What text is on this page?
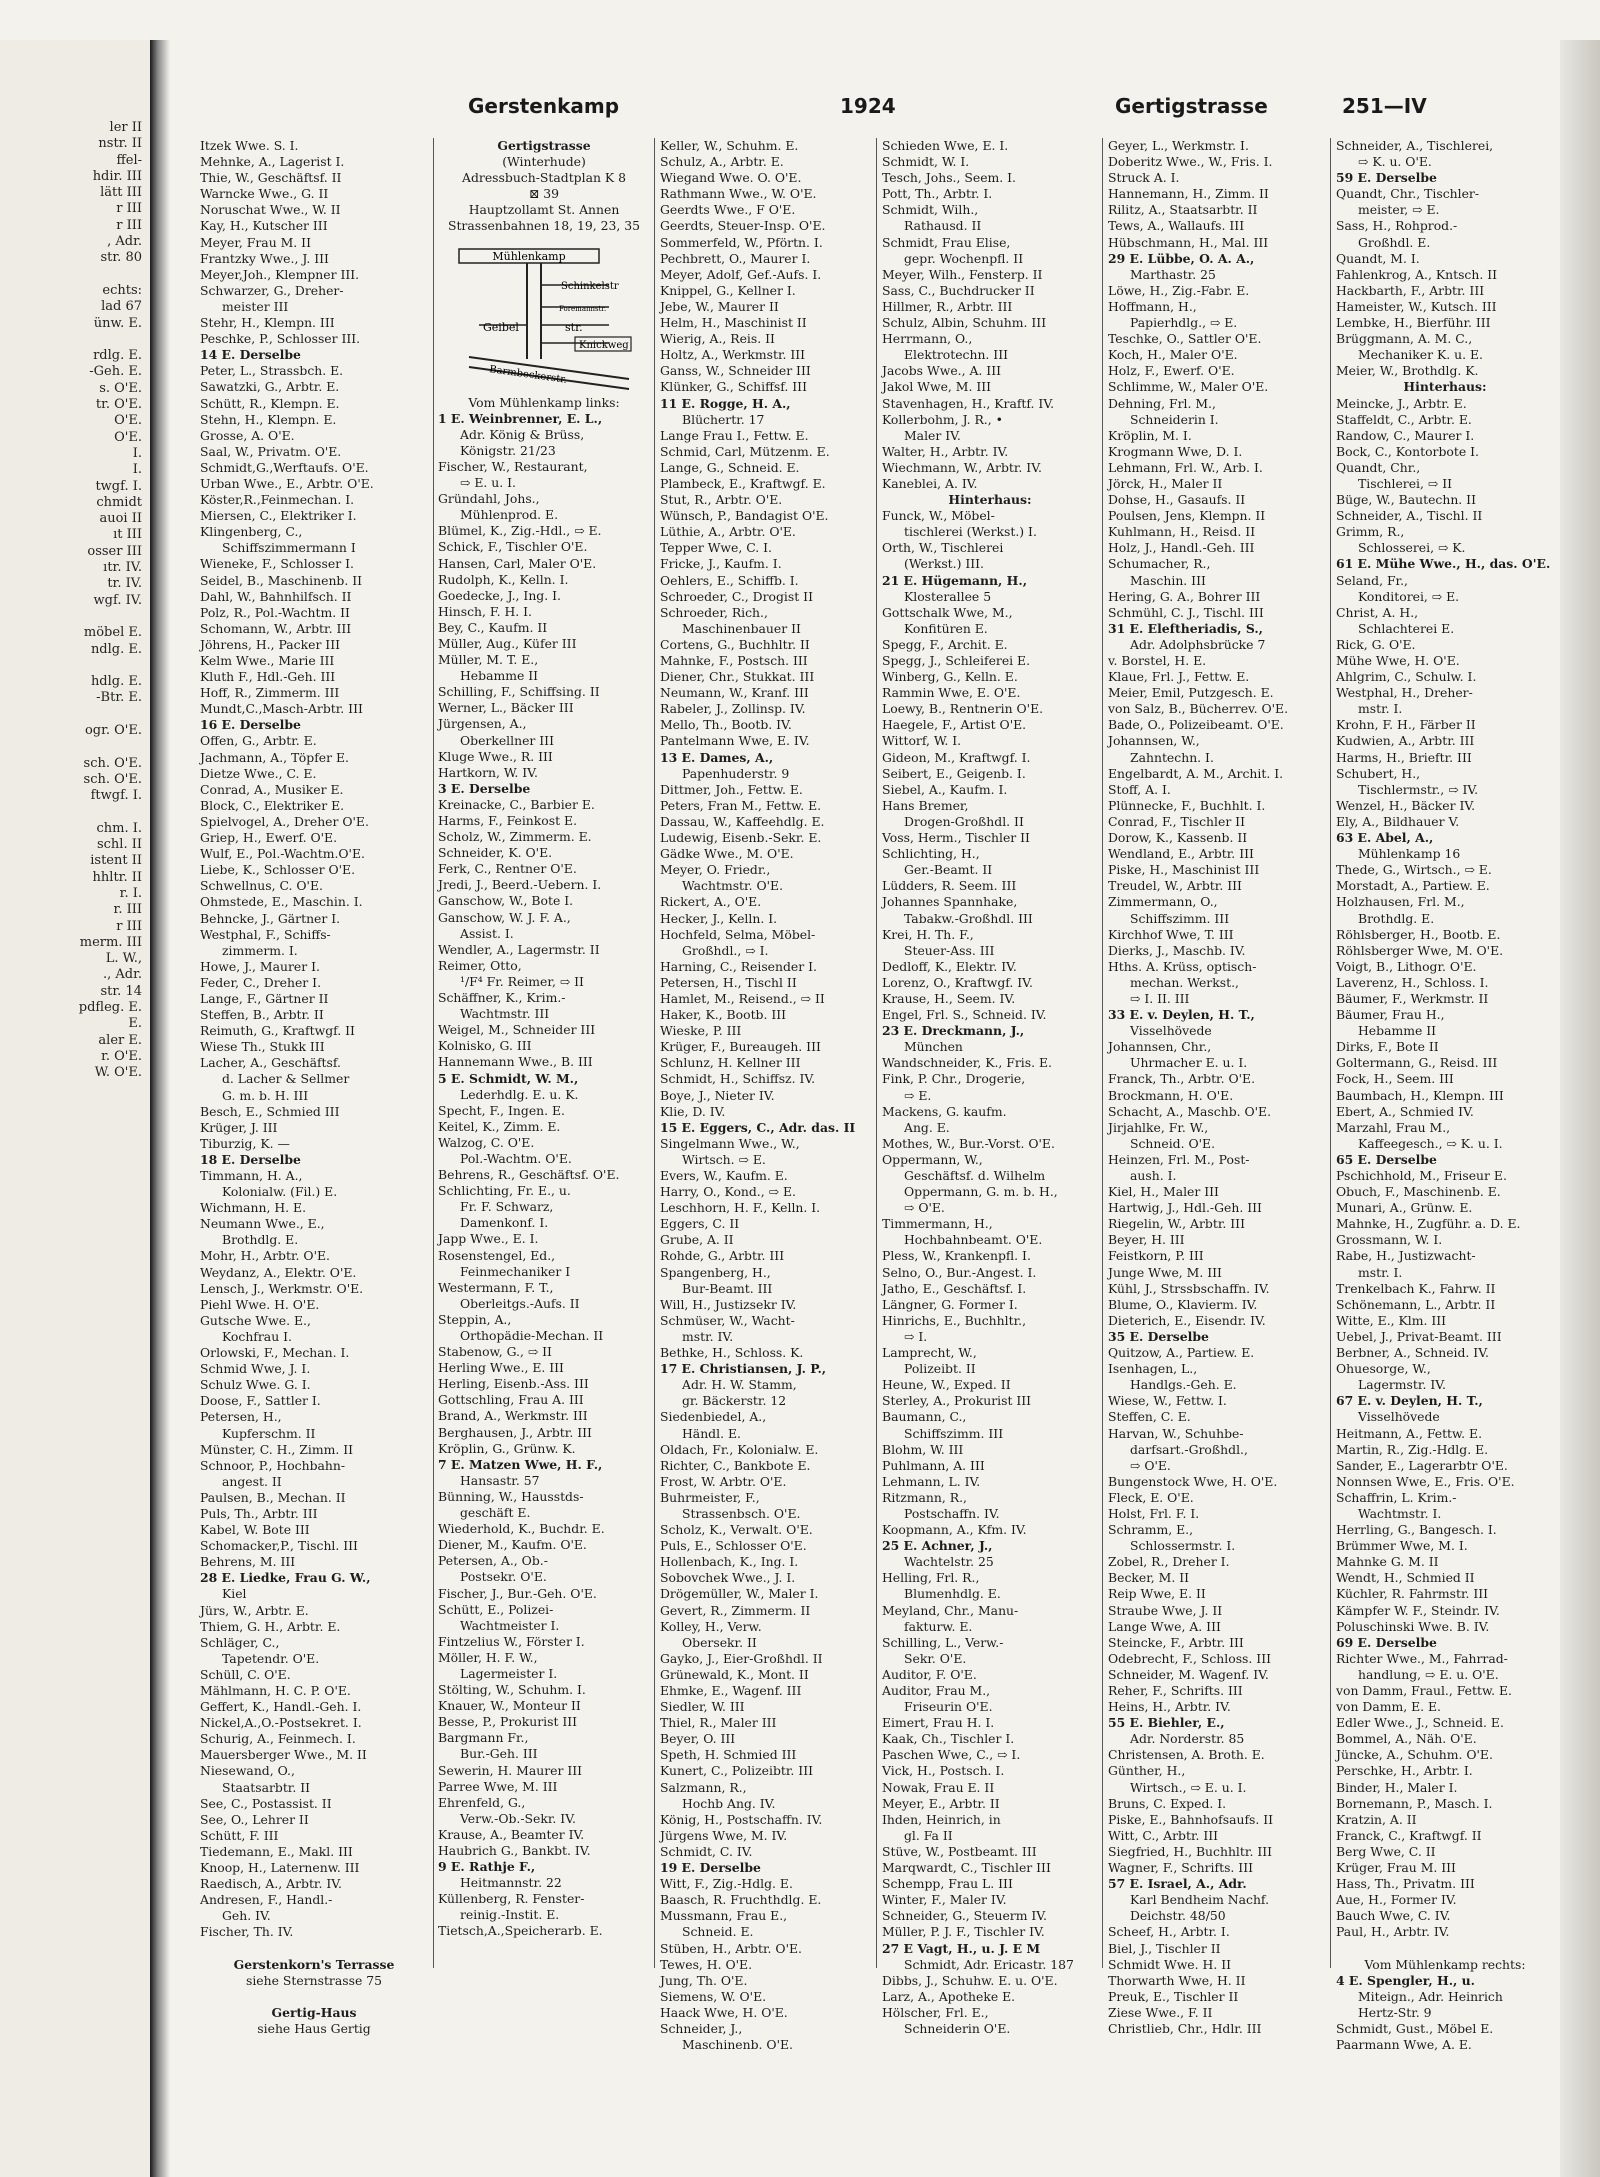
ler II
nstr. II
ffel-
hdir. III
lätt III
r III
r III
, Adr.
str. 80

echts:
lad 67
ünw. E.

rdlg. E.
-Geh. E.
s. O'E.
tr. O'E.
O'E.
O'E.
I.
I.
twgf. I.
chmidt
auoi II
ıt III
osser III
ıtr. IV.
tr. IV.
wgf. IV.

möbel E.
ndlg. E.

hdlg. E.
-Btr. E.

ogr. O'E.

sch. O'E.
sch. O'E.
ftwgf. I.

chm. I.
schl. II
istent II
hhltr. II
r. I.
r. III
r III
merm. III
L. W.,
., Adr.
str. 14
pdfleg. E.
E.
aler E.
r. O'E.
W. O'E.
Gerstenkamp	1924	Gertigstrasse	251—IV
Itzek Wwe. S. I.
Mehnke, A., Lagerist I.
Thie, W., Geschäftsf. II
Warncke Wwe., G. II
Noruschat Wwe., W. II
Kay, H., Kutscher III
Meyer, Frau M. II
Frantzky Wwe., J. III
Meyer,Joh., Klempner III.
Schwarzer, G., Dreher-
meister III
Stehr, H., Klempn. III
Peschke, P., Schlosser III.
14 E. Derselbe
Peter, L., Strassbch. E.
Sawatzki, G., Arbtr. E.
Schütt, R., Klempn. E.
Stehn, H., Klempn. E.
Grosse, A. O'E.
Saal, W., Privatm. O'E.
Schmidt,G.,Werftaufs. O'E.
Urban Wwe., E., Arbtr. O'E.
Köster,R.,Feinmechan. I.
Miersen, C., Elektriker I.
Klingenberg, C.,
Schiffszimmermann I
Wieneke, F., Schlosser I.
Seidel, B., Maschinenb. II
Dahl, W., Bahnhilfsch. II
Polz, R., Pol.-Wachtm. II
Schomann, W., Arbtr. III
Jöhrens, H., Packer III
Kelm Wwe., Marie III
Kluth F., Hdl.-Geh. III
Hoff, R., Zimmerm. III
Mundt,C.,Masch-Arbtr. III
16 E. Derselbe
Offen, G., Arbtr. E.
Jachmann, A., Töpfer E.
Dietze Wwe., C. E.
Conrad, A., Musiker E.
Block, C., Elektriker E.
Spielvogel, A., Dreher O'E.
Griep, H., Ewerf. O'E.
Wulf, E., Pol.-Wachtm.O'E.
Liebe, K., Schlosser O'E.
Schwellnus, C. O'E.
Ohmstede, E., Maschin. I.
Behncke, J., Gärtner I.
Westphal, F., Schiffs-
zimmerm. I.
Howe, J., Maurer I.
Feder, C., Dreher I.
Lange, F., Gärtner II
Steffen, B., Arbtr. II
Reimuth, G., Kraftwgf. II
Wiese Th., Stukk III
Lacher, A., Geschäftsf.
d. Lacher & Sellmer
G. m. b. H. III
Besch, E., Schmied III
Krüger, J. III
Tiburzig, K. —
18 E. Derselbe
Timmann, H. A.,
Kolonialw. (Fil.) E.
Wichmann, H. E.
Neumann Wwe., E.,
Brothdlg. E.
Mohr, H., Arbtr. O'E.
Weydanz, A., Elektr. O'E.
Lensch, J., Werkmstr. O'E.
Piehl Wwe. H. O'E.
Gutsche Wwe. E.,
Kochfrau I.
Orlowski, F., Mechan. I.
Schmid Wwe, J. I.
Schulz Wwe. G. I.
Doose, F., Sattler I.
Petersen, H.,
Kupferschm. II
Münster, C. H., Zimm. II
Schnoor, P., Hochbahn-
angest. II
Paulsen, B., Mechan. II
Puls, Th., Arbtr. III
Kabel, W. Bote III
Schomacker,P., Tischl. III
Behrens, M. III
28 E. Liedke, Frau G. W.,
Kiel
Jürs, W., Arbtr. E.
Thiem, G. H., Arbtr. E.
Schläger, C.,
Tapetendr. O'E.
Schüll, C. O'E.
Mählmann, H. C. P. O'E.
Geffert, K., Handl.-Geh. I.
Nickel,A.,O.-Postsekret. I.
Schurig, A., Feinmech. I.
Mauersberger Wwe., M. II
Niesewand, O.,
Staatsarbtr. II
See, C., Postassist. II
See, O., Lehrer II
Schütt, F. III
Tiedemann, E., Makl. III
Knoop, H., Laternenw. III
Raedisch, A., Arbtr. IV.
Andresen, F., Handl.-
Geh. IV.
Fischer, Th. IV.

Gerstenkorn's Terrasse
siehe Sternstrasse 75

Gertig-Haus
siehe Haus Gertig
Gertigstrasse
(Winterhude)
Adressbuch-Stadtplan K 8
⊠ 39
Hauptzollamt St. Annen
Strassenbahnen 18, 19, 23, 35
Mühlenkamp
Schinkelstr
Foremannstr.
Geibel	str.
Knickweg
Barmbeckerstr.
Vom Mühlenkamp links:
1 E. Weinbrenner, E. L.,
Adr. König & Brüss,
Königstr. 21/23
Fischer, W., Restaurant,
⇨ E. u. I.
Gründahl, Johs.,
Mühlenprod. E.
Blümel, K., Zig.-Hdl., ⇨ E.
Schick, F., Tischler O'E.
Hansen, Carl, Maler O'E.
Rudolph, K., Kelln. I.
Goedecke, J., Ing. I.
Hinsch, F. H. I.
Bey, C., Kaufm. II
Müller, Aug., Küfer III
Müller, M. T. E.,
Hebamme II
Schilling, F., Schiffsing. II
Werner, L., Bäcker III
Jürgensen, A.,
Oberkellner III
Kluge Wwe., R. III
Hartkorn, W. IV.
3 E. Derselbe
Kreinacke, C., Barbier E.
Harms, F., Feinkost E.
Scholz, W., Zimmerm. E.
Schneider, K. O'E.
Ferk, C., Rentner O'E.
Jredi, J., Beerd.-Uebern. I.
Ganschow, W., Bote I.
Ganschow, W. J. F. A.,
Assist. I.
Wendler, A., Lagermstr. II
Reimer, Otto,
¹/F⁴ Fr. Reimer, ⇨ II
Schäffner, K., Krim.-
Wachtmstr. III
Weigel, M., Schneider III
Kolnisko, G. III
Hannemann Wwe., B. III
5 E. Schmidt, W. M.,
Lederhdlg. E. u. K.
Specht, F., Ingen. E.
Keitel, K., Zimm. E.
Walzog, C. O'E.
Pol.-Wachtm. O'E.
Behrens, R., Geschäftsf. O'E.
Schlichting, Fr. E., u.
Fr. F. Schwarz,
Damenkonf. I.
Japp Wwe., E. I.
Rosenstengel, Ed.,
Feinmechaniker I
Westermann, F. T.,
Oberleitgs.-Aufs. II
Steppin, A.,
Orthopädie-Mechan. II
Stabenow, G., ⇨ II
Herling Wwe., E. III
Herling, Eisenb.-Ass. III
Gottschling, Frau A. III
Brand, A., Werkmstr. III
Berghausen, J., Arbtr. III
Kröplin, G., Grünw. K.
7 E. Matzen Wwe, H. F.,
Hansastr. 57
Bünning, W., Hausstds-
geschäft E.
Wiederhold, K., Buchdr. E.
Diener, M., Kaufm. O'E.
Petersen, A., Ob.-
Postsekr. O'E.
Fischer, J., Bur.-Geh. O'E.
Schütt, E., Polizei-
Wachtmeister I.
Fintzelius W., Förster I.
Möller, H. F. W.,
Lagermeister I.
Stölting, W., Schuhm. I.
Knauer, W., Monteur II
Besse, P., Prokurist III
Bargmann Fr.,
Bur.-Geh. III
Sewerin, H. Maurer III
Parree Wwe, M. III
Ehrenfeld, G.,
Verw.-Ob.-Sekr. IV.
Krause, A., Beamter IV.
Haubrich G., Bankbt. IV.
9 E. Rathje F.,
Heitmannstr. 22
Küllenberg, R. Fenster-
reinig.-Instit. E.
Tietsch,A.,Speicherarb. E.
Keller, W., Schuhm. E.
Schulz, A., Arbtr. E.
Wiegand Wwe. O. O'E.
Rathmann Wwe., W. O'E.
Geerdts Wwe., F O'E.
Geerdts, Steuer-Insp. O'E.
Sommerfeld, W., Pförtn. I.
Pechbrett, O., Maurer I.
Meyer, Adolf, Gef.-Aufs. I.
Knippel, G., Kellner I.
Jebe, W., Maurer II
Helm, H., Maschinist II
Wierig, A., Reis. II
Holtz, A., Werkmstr. III
Ganss, W., Schneider III
Klünker, G., Schiffsf. III
11 E. Rogge, H. A.,
Blüchertr. 17
Lange Frau I., Fettw. E.
Schmid, Carl, Mützenm. E.
Lange, G., Schneid. E.
Plambeck, E., Kraftwgf. E.
Stut, R., Arbtr. O'E.
Wünsch, P., Bandagist O'E.
Lüthie, A., Arbtr. O'E.
Tepper Wwe, C. I.
Fricke, J., Kaufm. I.
Oehlers, E., Schiffb. I.
Schroeder, C., Drogist II
Schroeder, Rich.,
Maschinenbauer II
Cortens, G., Buchhltr. II
Mahnke, F., Postsch. III
Diener, Chr., Stukkat. III
Neumann, W., Kranf. III
Rabeler, J., Zollinsp. IV.
Mello, Th., Bootb. IV.
Pantelmann Wwe, E. IV.
13 E. Dames, A.,
Papenhuderstr. 9
Dittmer, Joh., Fettw. E.
Peters, Fran M., Fettw. E.
Dassau, W., Kaffeehdlg. E.
Ludewig, Eisenb.-Sekr. E.
Gädke Wwe., M. O'E.
Meyer, O. Friedr.,
Wachtmstr. O'E.
Rickert, A., O'E.
Hecker, J., Kelln. I.
Hochfeld, Selma, Möbel-
Großhdl., ⇨ I.
Harning, C., Reisender I.
Petersen, H., Tischl II
Hamlet, M., Reisend., ⇨ II
Haker, K., Bootb. III
Wieske, P. III
Krüger, F., Bureaugeh. III
Schlunz, H. Kellner III
Schmidt, H., Schiffsz. IV.
Boye, J., Nieter IV.
Klie, D. IV.
15 E. Eggers, C., Adr. das. II
Singelmann Wwe., W.,
Wirtsch. ⇨ E.
Evers, W., Kaufm. E.
Harry, O., Kond., ⇨ E.
Leschhorn, H. F., Kelln. I.
Eggers, C. II
Grube, A. II
Rohde, G., Arbtr. III
Spangenberg, H.,
Bur-Beamt. III
Will, H., Justizsekr IV.
Schmüser, W., Wacht-
mstr. IV.
Bethke, H., Schloss. K.
17 E. Christiansen, J. P.,
Adr. H. W. Stamm,
gr. Bäckerstr. 12
Siedenbiedel, A.,
Händl. E.
Oldach, Fr., Kolonialw. E.
Richter, C., Bankbote E.
Frost, W. Arbtr. O'E.
Buhrmeister, F.,
Strassenbsch. O'E.
Scholz, K., Verwalt. O'E.
Puls, E., Schlosser O'E.
Hollenbach, K., Ing. I.
Sobovchek Wwe., J. I.
Drögemüller, W., Maler I.
Gevert, R., Zimmerm. II
Kolley, H., Verw.
Obersekr. II
Gayko, J., Eier-Großhdl. II
Grünewald, K., Mont. II
Ehmke, E., Wagenf. III
Siedler, W. III
Thiel, R., Maler III
Beyer, O. III
Speth, H. Schmied III
Kunert, C., Polizeibtr. III
Salzmann, R.,
Hochb Ang. IV.
König, H., Postschaffn. IV.
Jürgens Wwe, M. IV.
Schmidt, C. IV.
19 E. Derselbe
Witt, F., Zig.-Hdlg. E.
Baasch, R. Fruchthdlg. E.
Mussmann, Frau E.,
Schneid. E.
Stüben, H., Arbtr. O'E.
Tewes, H. O'E.
Jung, Th. O'E.
Siemens, W. O'E.
Haack Wwe, H. O'E.
Schneider, J.,
Maschinenb. O'E.
Schieden Wwe, E. I.
Schmidt, W. I.
Tesch, Johs., Seem. I.
Pott, Th., Arbtr. I.
Schmidt, Wilh.,
Rathausd. II
Schmidt, Frau Elise,
gepr. Wochenpfl. II
Meyer, Wilh., Fensterp. II
Sass, C., Buchdrucker II
Hillmer, R., Arbtr. III
Schulz, Albin, Schuhm. III
Herrmann, O.,
Elektrotechn. III
Jacobs Wwe., A. III
Jakol Wwe, M. III
Stavenhagen, H., Kraftf. IV.
Kollerbohm, J. R., •
Maler IV.
Walter, H., Arbtr. IV.
Wiechmann, W., Arbtr. IV.
Kaneblei, A. IV.
Hinterhaus:
Funck, W., Möbel-
tischlerei (Werkst.) I.
Orth, W., Tischlerei
(Werkst.) III.
21 E. Hügemann, H.,
Klosterallee 5
Gottschalk Wwe, M.,
Konfitüren E.
Spegg, F., Archit. E.
Spegg, J., Schleiferei E.
Winberg, G., Kelln. E.
Rammin Wwe, E. O'E.
Loewy, B., Rentnerin O'E.
Haegele, F., Artist O'E.
Wittorf, W. I.
Gideon, M., Kraftwgf. I.
Seibert, E., Geigenb. I.
Siebel, A., Kaufm. I.
Hans Bremer,
Drogen-Großhdl. II
Voss, Herm., Tischler II
Schlichting, H.,
Ger.-Beamt. II
Lüdders, R. Seem. III
Johannes Spannhake,
Tabakw.-Großhdl. III
Krei, H. Th. F.,
Steuer-Ass. III
Dedloff, K., Elektr. IV.
Lorenz, O., Kraftwgf. IV.
Krause, H., Seem. IV.
Engel, Frl. S., Schneid. IV.
23 E. Dreckmann, J.,
München
Wandschneider, K., Fris. E.
Fink, P. Chr., Drogerie,
⇨ E.
Mackens, G. kaufm.
Ang. E.
Mothes, W., Bur.-Vorst. O'E.
Oppermann, W.,
Geschäftsf. d. Wilhelm
Oppermann, G. m. b. H.,
⇨ O'E.
Timmermann, H.,
Hochbahnbeamt. O'E.
Pless, W., Krankenpfl. I.
Selno, O., Bur.-Angest. I.
Jatho, E., Geschäftsf. I.
Längner, G. Former I.
Hinrichs, E., Buchhltr.,
⇨ I.
Lamprecht, W.,
Polizeibt. II
Heune, W., Exped. II
Sterley, A., Prokurist III
Baumann, C.,
Schiffszimm. III
Blohm, W. III
Puhlmann, A. III
Lehmann, L. IV.
Ritzmann, R.,
Postschaffn. IV.
Koopmann, A., Kfm. IV.
25 E. Achner, J.,
Wachtelstr. 25
Helling, Frl. R.,
Blumenhdlg. E.
Meyland, Chr., Manu-
fakturw. E.
Schilling, L., Verw.-
Sekr. O'E.
Auditor, F. O'E.
Auditor, Frau M.,
Friseurin O'E.
Eimert, Frau H. I.
Kaak, Ch., Tischler I.
Paschen Wwe, C., ⇨ I.
Vick, H., Postsch. I.
Nowak, Frau E. II
Meyer, E., Arbtr. II
Ihden, Heinrich, in
gl. Fa II
Stüve, W., Postbeamt. III
Marqwardt, C., Tischler III
Schempp, Frau L. III
Winter, F., Maler IV.
Schneider, G., Steuerm IV.
Müller, P. J. F., Tischler IV.
27 E Vagt, H., u. J. E M
Schmidt, Adr. Ericastr. 187
Dibbs, J., Schuhw. E. u. O'E.
Larz, A., Apotheke E.
Hölscher, Frl. E.,
Schneiderin O'E.
Geyer, L., Werkmstr. I.
Doberitz Wwe., W., Fris. I.
Struck A. I.
Hannemann, H., Zimm. II
Rilitz, A., Staatsarbtr. II
Tews, A., Wallaufs. III
Hübschmann, H., Mal. III
29 E. Lübbe, O. A. A.,
Marthastr. 25
Löwe, H., Zig.-Fabr. E.
Hoffmann, H.,
Papierhdlg., ⇨ E.
Teschke, O., Sattler O'E.
Koch, H., Maler O'E.
Holz, F., Ewerf. O'E.
Schlimme, W., Maler O'E.
Dehning, Frl. M.,
Schneiderin I.
Kröplin, M. I.
Krogmann Wwe, D. I.
Lehmann, Frl. W., Arb. I.
Jörck, H., Maler II
Dohse, H., Gasaufs. II
Poulsen, Jens, Klempn. II
Kuhlmann, H., Reisd. II
Holz, J., Handl.-Geh. III
Schumacher, R.,
Maschin. III
Hering, G. A., Bohrer III
Schmühl, C. J., Tischl. III
31 E. Eleftheriadis, S.,
Adr. Adolphsbrücke 7
v. Borstel, H. E.
Klaue, Frl. J., Fettw. E.
Meier, Emil, Putzgesch. E.
von Salz, B., Bücherrev. O'E.
Bade, O., Polizeibeamt. O'E.
Johannsen, W.,
Zahntechn. I.
Engelbardt, A. M., Archit. I.
Stoff, A. I.
Plünnecke, F., Buchhlt. I.
Conrad, F., Tischler II
Dorow, K., Kassenb. II
Wendland, E., Arbtr. III
Piske, H., Maschinist III
Treudel, W., Arbtr. III
Zimmermann, O.,
Schiffszimm. III
Kirchhof Wwe, T. III
Dierks, J., Maschb. IV.
Hths. A. Krüss, optisch-
mechan. Werkst.,
⇨ I. II. III
33 E. v. Deylen, H. T.,
Visselhövede
Johannsen, Chr.,
Uhrmacher E. u. I.
Franck, Th., Arbtr. O'E.
Brockmann, H. O'E.
Schacht, A., Maschb. O'E.
Jirjahlke, Fr. W.,
Schneid. O'E.
Heinzen, Frl. M., Post-
aush. I.
Kiel, H., Maler III
Hartwig, J., Hdl.-Geh. III
Riegelin, W., Arbtr. III
Beyer, H. III
Feistkorn, P. III
Junge Wwe, M. III
Kühl, J., Strssbschaffn. IV.
Blume, O., Klavierm. IV.
Dieterich, E., Eisendr. IV.
35 E. Derselbe
Quitzow, A., Partiew. E.
Isenhagen, L.,
Handlgs.-Geh. E.
Wiese, W., Fettw. I.
Steffen, C. E.
Harvan, W., Schuhbe-
darfsart.-Großhdl.,
⇨ O'E.
Bungenstock Wwe, H. O'E.
Fleck, E. O'E.
Holst, Frl. F. I.
Schramm, E.,
Schlossermstr. I.
Zobel, R., Dreher I.
Becker, M. II
Reip Wwe, E. II
Straube Wwe, J. II
Lange Wwe, A. III
Steincke, F., Arbtr. III
Odebrecht, F., Schloss. III
Schneider, M. Wagenf. IV.
Reher, F., Schrifts. III
Heins, H., Arbtr. IV.
55 E. Biehler, E.,
Adr. Norderstr. 85
Christensen, A. Broth. E.
Günther, H.,
Wirtsch., ⇨ E. u. I.
Bruns, C. Exped. I.
Piske, E., Bahnhofsaufs. II
Witt, C., Arbtr. III
Siegfried, H., Buchhltr. III
Wagner, F., Schrifts. III
57 E. Israel, A., Adr.
Karl Bendheim Nachf.
Deichstr. 48/50
Scheef, H., Arbtr. I.
Biel, J., Tischler II
Schmidt Wwe. H. II
Thorwarth Wwe, H. II
Preuk, E., Tischler II
Ziese Wwe., F. II
Christlieb, Chr., Hdlr. III
Schneider, A., Tischlerei,
⇨ K. u. O'E.
59 E. Derselbe
Quandt, Chr., Tischler-
meister, ⇨ E.
Sass, H., Rohprod.-
Großhdl. E.
Quandt, M. I.
Fahlenkrog, A., Kntsch. II
Hackbarth, F., Arbtr. III
Hameister, W., Kutsch. III
Lembke, H., Bierführ. III
Brüggmann, A. M. C.,
Mechaniker K. u. E.
Meier, W., Brothdlg. K.
Hinterhaus:
Meincke, J., Arbtr. E.
Staffeldt, C., Arbtr. E.
Randow, C., Maurer I.
Bock, C., Kontorbote I.
Quandt, Chr.,
Tischlerei, ⇨ II
Büge, W., Bautechn. II
Schneider, A., Tischl. II
Grimm, R.,
Schlosserei, ⇨ K.
61 E. Mühe Wwe., H., das. O'E.
Seland, Fr.,
Konditorei, ⇨ E.
Christ, A. H.,
Schlachterei E.
Rick, G. O'E.
Mühe Wwe, H. O'E.
Ahlgrim, C., Schulw. I.
Westphal, H., Dreher-
mstr. I.
Krohn, F. H., Färber II
Kudwien, A., Arbtr. III
Harms, H., Brieftr. III
Schubert, H.,
Tischlermstr., ⇨ IV.
Wenzel, H., Bäcker IV.
Ely, A., Bildhauer V.
63 E. Abel, A.,
Mühlenkamp 16
Thede, G., Wirtsch., ⇨ E.
Morstadt, A., Partiew. E.
Holzhausen, Frl. M.,
Brothdlg. E.
Röhlsberger, H., Bootb. E.
Röhlsberger Wwe, M. O'E.
Voigt, B., Lithogr. O'E.
Laverenz, H., Schloss. I.
Bäumer, F., Werkmstr. II
Bäumer, Frau H.,
Hebamme II
Dirks, F., Bote II
Goltermann, G., Reisd. III
Fock, H., Seem. III
Baumbach, H., Klempn. III
Ebert, A., Schmied IV.
Marzahl, Frau M.,
Kaffeegesch., ⇨ K. u. I.
65 E. Derselbe
Pschichhold, M., Friseur E.
Obuch, F., Maschinenb. E.
Munari, A., Grünw. E.
Mahnke, H., Zugführ. a. D. E.
Grossmann, W. I.
Rabe, H., Justizwacht-
mstr. I.
Trenkelbach K., Fahrw. II
Schönemann, L., Arbtr. II
Witte, E., Klm. III
Uebel, J., Privat-Beamt. III
Berbner, A., Schneid. IV.
Ohuesorge, W.,
Lagermstr. IV.
67 E. v. Deylen, H. T.,
Visselhövede
Heitmann, A., Fettw. E.
Martin, R., Zig.-Hdlg. E.
Sander, E., Lagerarbtr O'E.
Nonnsen Wwe, E., Fris. O'E.
Schaffrin, L. Krim.-
Wachtmstr. I.
Herrling, G., Bangesch. I.
Brümmer Wwe, M. I.
Mahnke G. M. II
Wendt, H., Schmied II
Küchler, R. Fahrmstr. III
Kämpfer W. F., Steindr. IV.
Poluschinski Wwe. B. IV.
69 E. Derselbe
Richter Wwe., M., Fahrrad-
handlung, ⇨ E. u. O'E.
von Damm, Fraul., Fettw. E.
von Damm, E. E.
Edler Wwe., J., Schneid. E.
Bommel, A., Näh. O'E.
Jüncke, A., Schuhm. O'E.
Perschke, H., Arbtr. I.
Binder, H., Maler I.
Bornemann, P., Masch. I.
Kratzin, A. II
Franck, C., Kraftwgf. II
Berg Wwe, C. II
Krüger, Frau M. III
Hass, Th., Privatm. III
Aue, H., Former IV.
Bauch Wwe, C. IV.
Paul, H., Arbtr. IV.

Vom Mühlenkamp rechts:
4 E. Spengler, H., u.
Miteign., Adr. Heinrich
Hertz-Str. 9
Schmidt, Gust., Möbel E.
Paarmann Wwe, A. E.
